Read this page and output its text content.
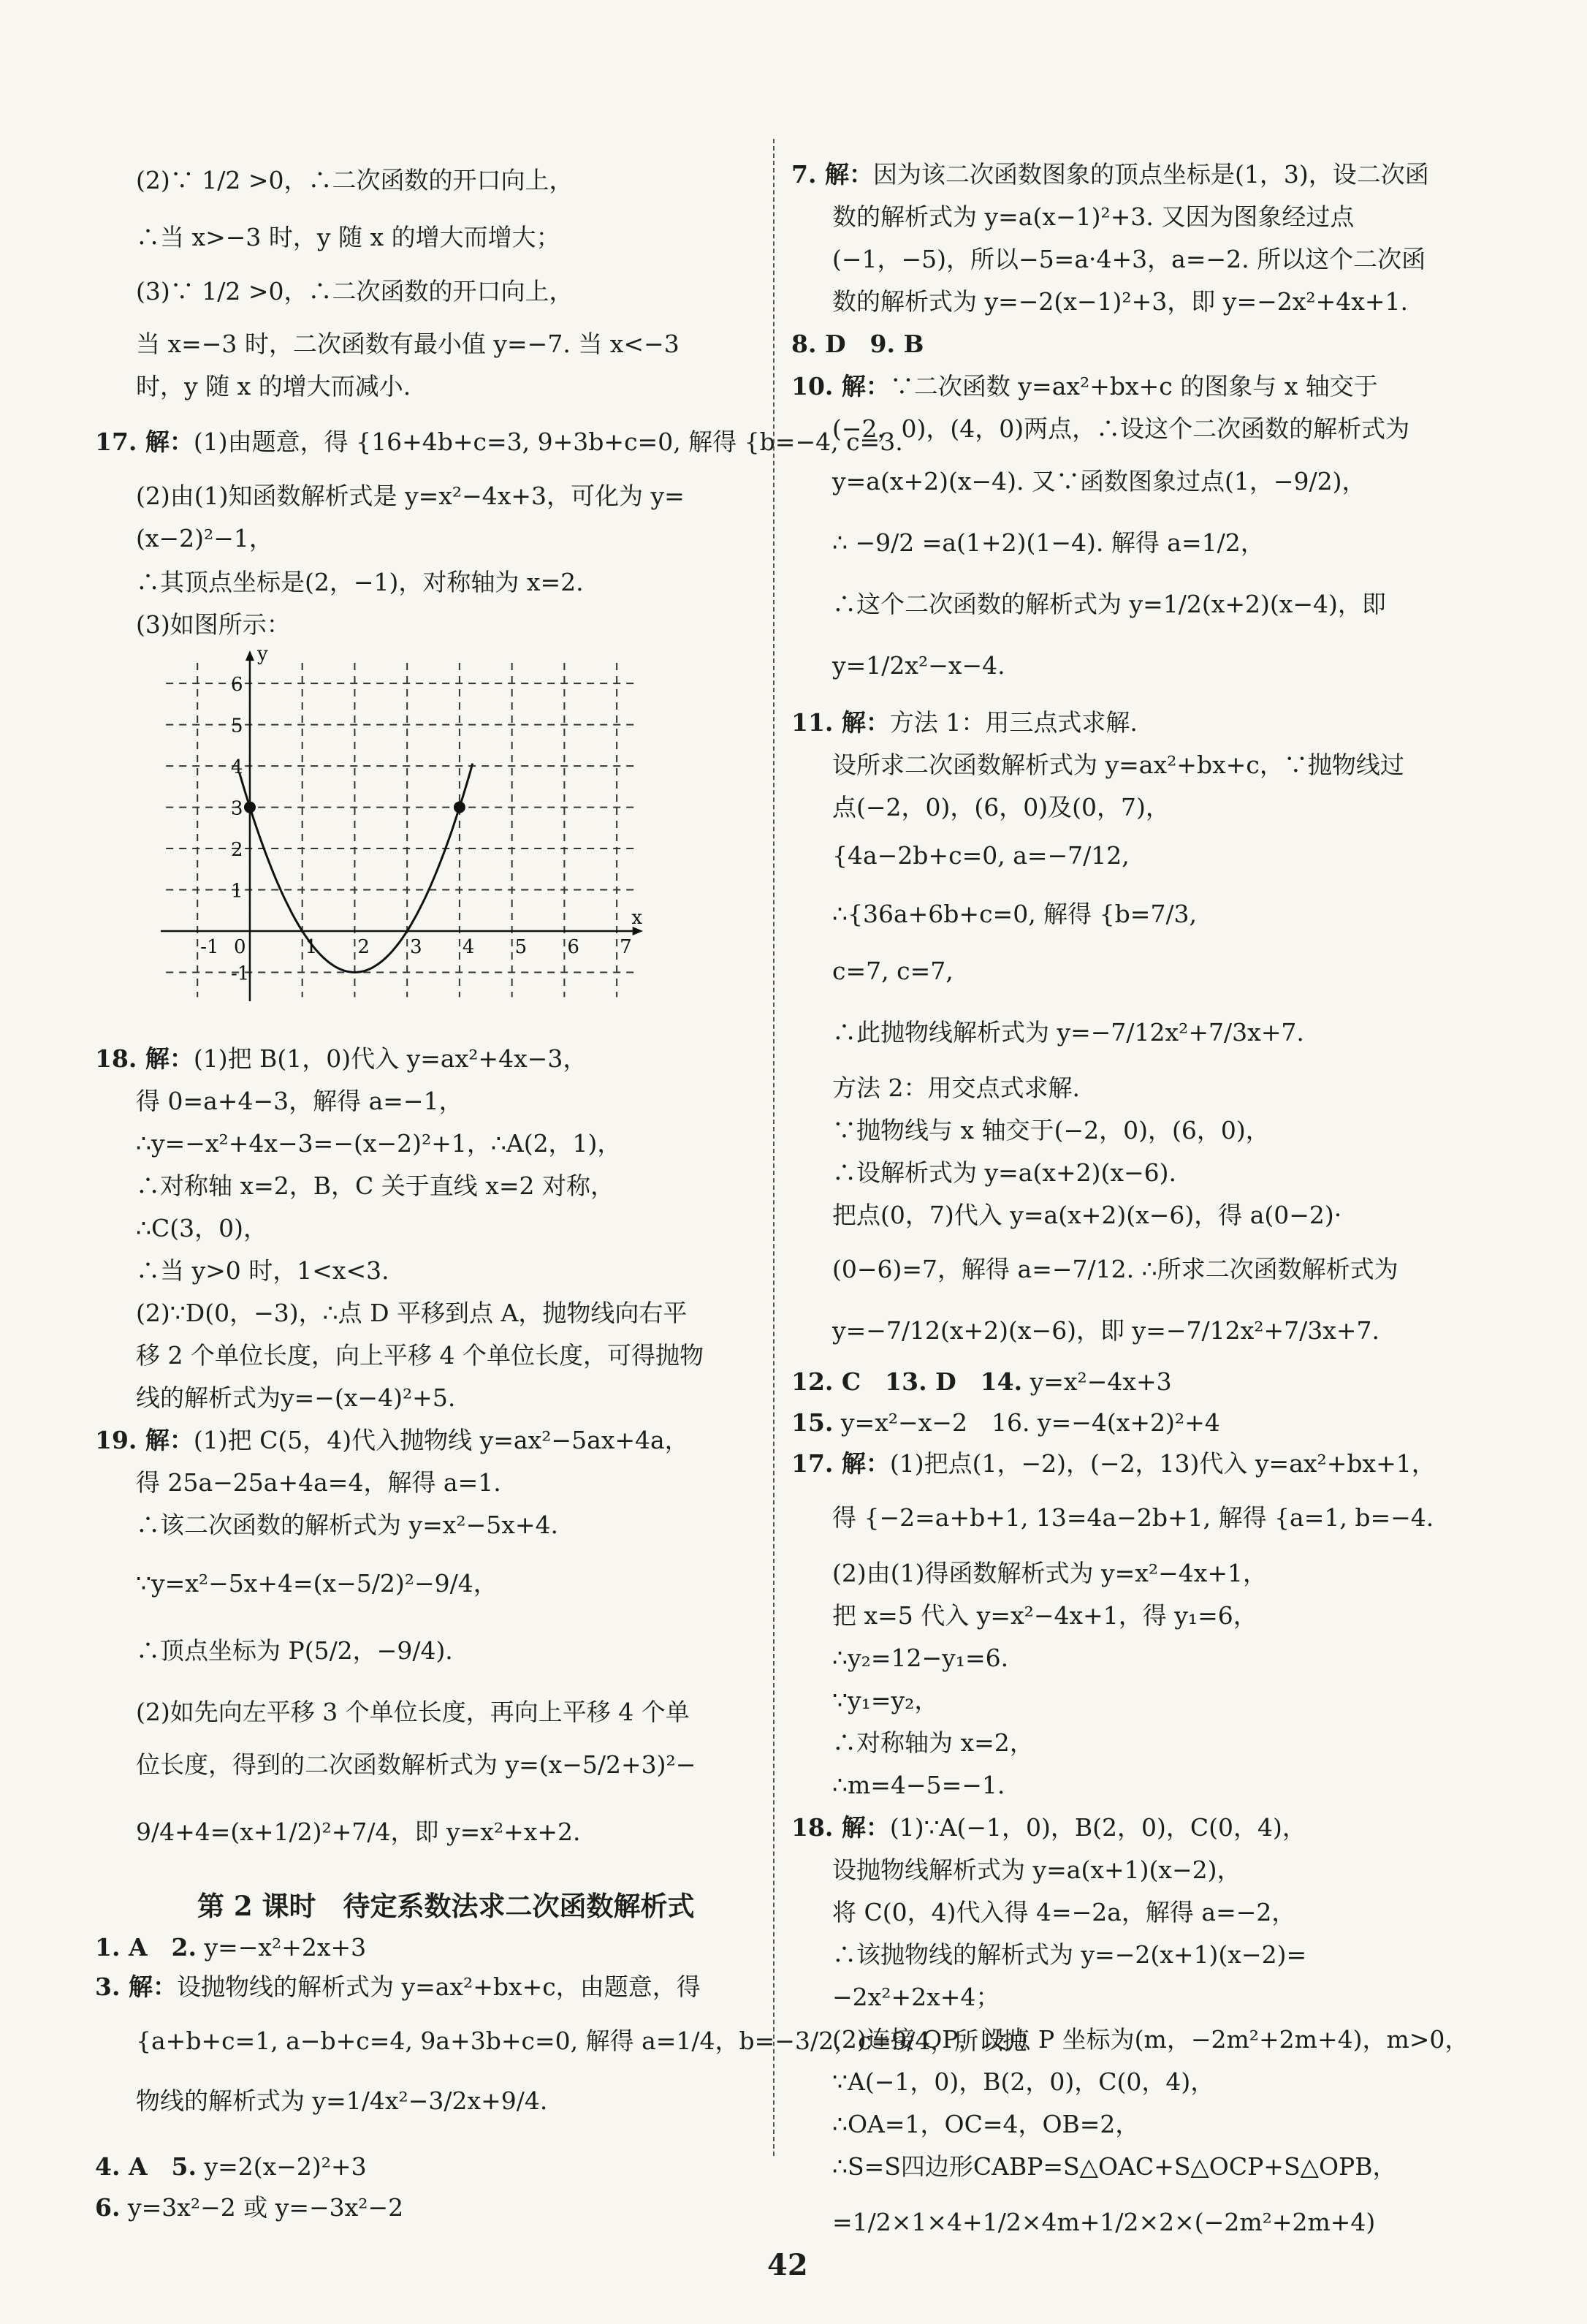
(2)∵ 1/2 >0，∴二次函数的开口向上，
∴当 x>−3 时，y 随 x 的增大而增大；
(3)∵ 1/2 >0，∴二次函数的开口向上，
当 x=−3 时，二次函数有最小值 y=−7. 当 x<−3
时，y 随 x 的增大而减小.
17. 解：(1)由题意，得 {16+4b+c=3, 9+3b+c=0, 解得 {b=−4, c=3.
(2)由(1)知函数解析式是 y=x²−4x+3，可化为 y=
(x−2)²−1，
∴其顶点坐标是(2，−1)，对称轴为 x=2.
(3)如图所示：
18. 解：(1)把 B(1，0)代入 y=ax²+4x−3，
得 0=a+4−3，解得 a=−1，
∴y=−x²+4x−3=−(x−2)²+1，∴A(2，1)，
∴对称轴 x=2，B，C 关于直线 x=2 对称，
∴C(3，0)，
∴当 y>0 时，1<x<3.
(2)∵D(0，−3)，∴点 D 平移到点 A，抛物线向右平
移 2 个单位长度，向上平移 4 个单位长度，可得抛物
线的解析式为y=−(x−4)²+5.
19. 解：(1)把 C(5，4)代入抛物线 y=ax²−5ax+4a，
得 25a−25a+4a=4，解得 a=1.
∴该二次函数的解析式为 y=x²−5x+4.
∵y=x²−5x+4=(x−5/2)²−9/4，
∴顶点坐标为 P(5/2，−9/4).
(2)如先向左平移 3 个单位长度，再向上平移 4 个单
位长度，得到的二次函数解析式为 y=(x−5/2+3)²−
9/4+4=(x+1/2)²+7/4，即 y=x²+x+2.
第 2 课时　待定系数法求二次函数解析式
1. A　2. y=−x²+2x+3
3. 解：设抛物线的解析式为 y=ax²+bx+c，由题意，得
{a+b+c=1, a−b+c=4, 9a+3b+c=0, 解得 a=1/4，b=−3/2，c=9/4，所以抛
物线的解析式为 y=1/4x²−3/2x+9/4.
4. A　5. y=2(x−2)²+3
6. y=3x²−2 或 y=−3x²−2
7. 解：因为该二次函数图象的顶点坐标是(1，3)，设二次函
数的解析式为 y=a(x−1)²+3. 又因为图象经过点
(−1，−5)，所以−5=a·4+3，a=−2. 所以这个二次函
数的解析式为 y=−2(x−1)²+3，即 y=−2x²+4x+1.
8. D　9. B
10. 解：∵二次函数 y=ax²+bx+c 的图象与 x 轴交于
(−2，0)，(4，0)两点，∴设这个二次函数的解析式为
y=a(x+2)(x−4). 又∵函数图象过点(1，−9/2)，
∴ −9/2 =a(1+2)(1−4). 解得 a=1/2，
∴这个二次函数的解析式为 y=1/2(x+2)(x−4)，即
y=1/2x²−x−4.
11. 解：方法 1：用三点式求解.
设所求二次函数解析式为 y=ax²+bx+c，∵抛物线过
点(−2，0)，(6，0)及(0，7)，
{4a−2b+c=0, a=−7/12,
∴{36a+6b+c=0, 解得 {b=7/3,
c=7, c=7,
∴此抛物线解析式为 y=−7/12x²+7/3x+7.
方法 2：用交点式求解.
∵抛物线与 x 轴交于(−2，0)，(6，0)，
∴设解析式为 y=a(x+2)(x−6).
把点(0，7)代入 y=a(x+2)(x−6)，得 a(0−2)·
(0−6)=7，解得 a=−7/12. ∴所求二次函数解析式为
y=−7/12(x+2)(x−6)，即 y=−7/12x²+7/3x+7.
12. C　13. D　14. y=x²−4x+3
15. y=x²−x−2　16. y=−4(x+2)²+4
17. 解：(1)把点(1，−2)，(−2，13)代入 y=ax²+bx+1，
得 {−2=a+b+1, 13=4a−2b+1, 解得 {a=1, b=−4.
(2)由(1)得函数解析式为 y=x²−4x+1，
把 x=5 代入 y=x²−4x+1，得 y₁=6，
∴y₂=12−y₁=6.
∵y₁=y₂，
∴对称轴为 x=2，
∴m=4−5=−1.
18. 解：(1)∵A(−1，0)，B(2，0)，C(0，4)，
设抛物线解析式为 y=a(x+1)(x−2)，
将 C(0，4)代入得 4=−2a，解得 a=−2，
∴该抛物线的解析式为 y=−2(x+1)(x−2)=
−2x²+2x+4；
(2)连接 OP，设点 P 坐标为(m，−2m²+2m+4)，m>0，
∵A(−1，0)，B(2，0)，C(0，4)，
∴OA=1，OC=4，OB=2，
∴S=S四边形CABP=S△OAC+S△OCP+S△OPB，
=1/2×1×4+1/2×4m+1/2×2×(−2m²+2m+4)
-1 0	1 2 3 4 5 6 7
6
5
4
3
2
1
-1
x
y
42
